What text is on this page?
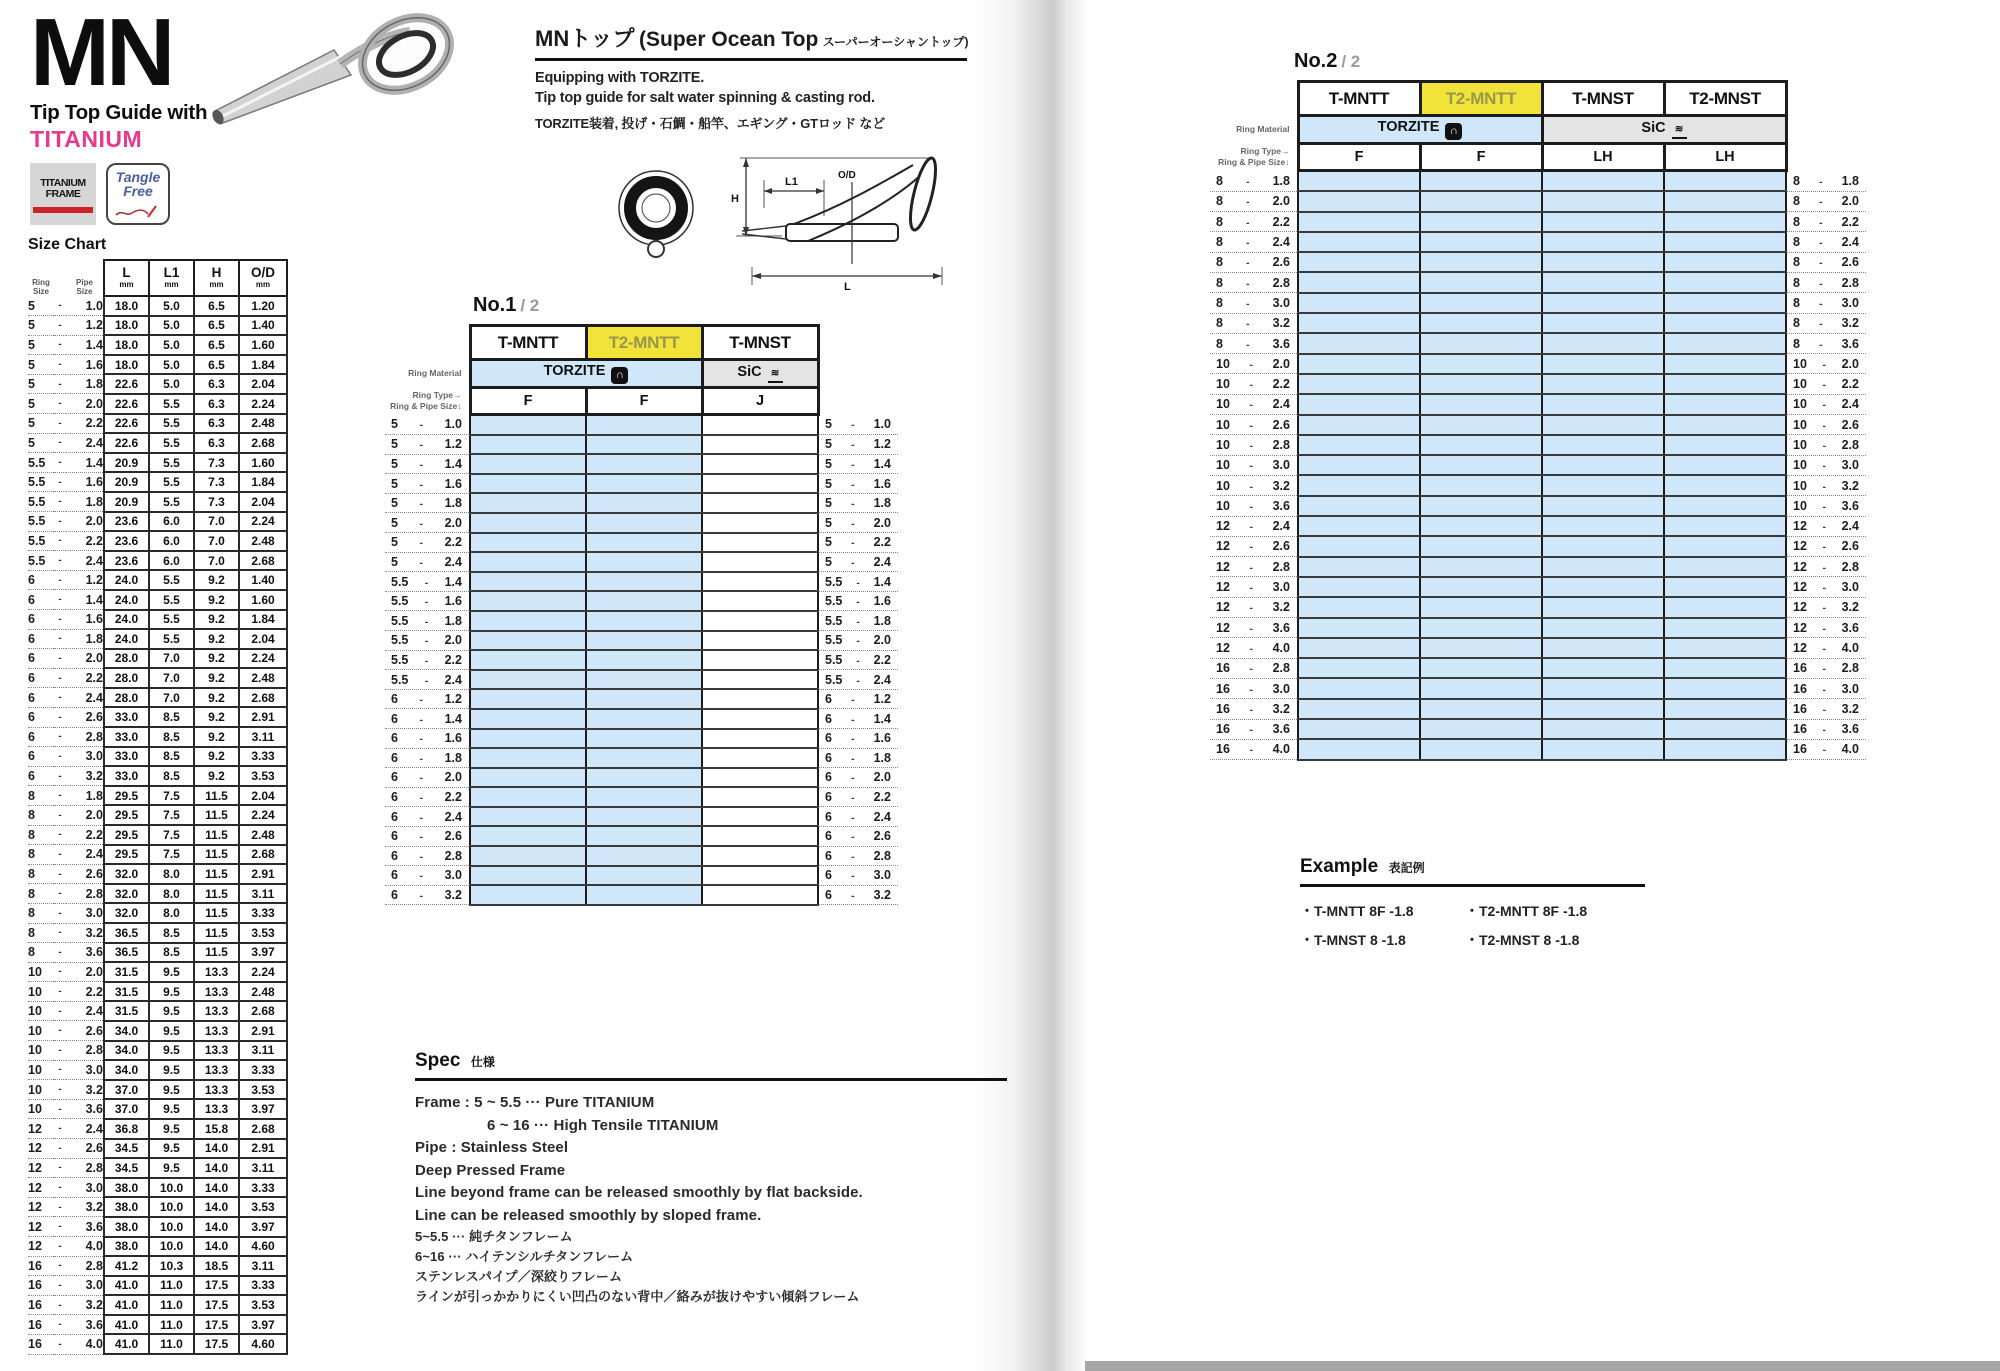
MN
Tip Top Guide with
TITANIUM
TITANIUM
FRAME
Tangle
Free
MNトップ (Super Ocean Top スーパーオーシャントップ)
Equipping with TORZITE.
Tip top guide for salt water spinning & casting rod.
TORZITE装着, 投げ・石鯛・船竿、エギング・GTロッド など
H
L1
O/D
L
Size Chart
Ring
Size

Pipe
Size

L
mm

L1
mm

H
mm

O/D
mm

5	-	1.0	18.0	5.0	6.5	1.20
5	-	1.2	18.0	5.0	6.5	1.40
5	-	1.4	18.0	5.0	6.5	1.60
5	-	1.6	18.0	5.0	6.5	1.84
5	-	1.8	22.6	5.0	6.3	2.04
5	-	2.0	22.6	5.5	6.3	2.24
5	-	2.2	22.6	5.5	6.3	2.48
5	-	2.4	22.6	5.5	6.3	2.68
5.5	-	1.4	20.9	5.5	7.3	1.60
5.5	-	1.6	20.9	5.5	7.3	1.84
5.5	-	1.8	20.9	5.5	7.3	2.04
5.5	-	2.0	23.6	6.0	7.0	2.24
5.5	-	2.2	23.6	6.0	7.0	2.48
5.5	-	2.4	23.6	6.0	7.0	2.68
6	-	1.2	24.0	5.5	9.2	1.40
6	-	1.4	24.0	5.5	9.2	1.60
6	-	1.6	24.0	5.5	9.2	1.84
6	-	1.8	24.0	5.5	9.2	2.04
6	-	2.0	28.0	7.0	9.2	2.24
6	-	2.2	28.0	7.0	9.2	2.48
6	-	2.4	28.0	7.0	9.2	2.68
6	-	2.6	33.0	8.5	9.2	2.91
6	-	2.8	33.0	8.5	9.2	3.11
6	-	3.0	33.0	8.5	9.2	3.33
6	-	3.2	33.0	8.5	9.2	3.53
8	-	1.8	29.5	7.5	11.5	2.04
8	-	2.0	29.5	7.5	11.5	2.24
8	-	2.2	29.5	7.5	11.5	2.48
8	-	2.4	29.5	7.5	11.5	2.68
8	-	2.6	32.0	8.0	11.5	2.91
8	-	2.8	32.0	8.0	11.5	3.11
8	-	3.0	32.0	8.0	11.5	3.33
8	-	3.2	36.5	8.5	11.5	3.53
8	-	3.6	36.5	8.5	11.5	3.97
10	-	2.0	31.5	9.5	13.3	2.24
10	-	2.2	31.5	9.5	13.3	2.48
10	-	2.4	31.5	9.5	13.3	2.68
10	-	2.6	34.0	9.5	13.3	2.91
10	-	2.8	34.0	9.5	13.3	3.11
10	-	3.0	34.0	9.5	13.3	3.33
10	-	3.2	37.0	9.5	13.3	3.53
10	-	3.6	37.0	9.5	13.3	3.97
12	-	2.4	36.8	9.5	15.8	2.68
12	-	2.6	34.5	9.5	14.0	2.91
12	-	2.8	34.5	9.5	14.0	3.11
12	-	3.0	38.0	10.0	14.0	3.33
12	-	3.2	38.0	10.0	14.0	3.53
12	-	3.6	38.0	10.0	14.0	3.97
12	-	4.0	38.0	10.0	14.0	4.60
16	-	2.8	41.2	10.3	18.5	3.11
16	-	3.0	41.0	11.0	17.5	3.33
16	-	3.2	41.0	11.0	17.5	3.53
16	-	3.6	41.0	11.0	17.5	3.97
16	-	4.0	41.0	11.0	17.5	4.60
No.1 / 2
	T-MNTT	T2-MNTT	T-MNST	
Ring Material	TORZITE ∩		SiC ≋	

Ring Type→
Ring & Pipe Size↓	F	F	J	

5 - 1.0				5 - 1.0

5 - 1.2				5 - 1.2

5 - 1.4				5 - 1.4

5 - 1.6				5 - 1.6

5 - 1.8				5 - 1.8

5 - 2.0				5 - 2.0

5 - 2.2				5 - 2.2

5 - 2.4				5 - 2.4

5.5 - 1.4				5.5 - 1.4

5.5 - 1.6				5.5 - 1.6

5.5 - 1.8				5.5 - 1.8

5.5 - 2.0				5.5 - 2.0

5.5 - 2.2				5.5 - 2.2

5.5 - 2.4				5.5 - 2.4

6 - 1.2				6 - 1.2

6 - 1.4				6 - 1.4

6 - 1.6				6 - 1.6

6 - 1.8				6 - 1.8

6 - 2.0				6 - 2.0

6 - 2.2				6 - 2.2

6 - 2.4				6 - 2.4

6 - 2.6				6 - 2.6

6 - 2.8				6 - 2.8

6 - 3.0				6 - 3.0

6 - 3.2				6 - 3.2
Spec 仕様
Frame : 5 ~ 5.5 ··· Pure TITANIUM
6 ~ 16 ··· High Tensile TITANIUM
Pipe : Stainless Steel
Deep Pressed Frame
Line beyond frame can be released smoothly by flat backside.
Line can be released smoothly by sloped frame.
5~5.5 ··· 純チタンフレーム
6~16 ··· ハイテンシルチタンフレーム
ステンレスパイプ／深絞りフレーム
ラインが引っかかりにくい凹凸のない背中／絡みが抜けやすい傾斜フレーム
No.2 / 2
	T-MNTT	T2-MNTT	T-MNST	T2-MNST	
Ring Material	TORZITE ∩		SiC ≋		

Ring Type→
Ring & Pipe Size↓	F	F	LH	LH	

8 - 1.8					8 - 1.8

8 - 2.0					8 - 2.0

8 - 2.2					8 - 2.2

8 - 2.4					8 - 2.4

8 - 2.6					8 - 2.6

8 - 2.8					8 - 2.8

8 - 3.0					8 - 3.0

8 - 3.2					8 - 3.2

8 - 3.6					8 - 3.6

10 - 2.0					10 - 2.0

10 - 2.2					10 - 2.2

10 - 2.4					10 - 2.4

10 - 2.6					10 - 2.6

10 - 2.8					10 - 2.8

10 - 3.0					10 - 3.0

10 - 3.2					10 - 3.2

10 - 3.6					10 - 3.6

12 - 2.4					12 - 2.4

12 - 2.6					12 - 2.6

12 - 2.8					12 - 2.8

12 - 3.0					12 - 3.0

12 - 3.2					12 - 3.2

12 - 3.6					12 - 3.6

12 - 4.0					12 - 4.0

16 - 2.8					16 - 2.8

16 - 3.0					16 - 3.0

16 - 3.2					16 - 3.2

16 - 3.6					16 - 3.6

16 - 4.0					16 - 4.0
Example 表記例
・T-MNTT 8F -1.8	・T2-MNTT 8F -1.8
・T-MNST 8 -1.8	・T2-MNST 8 -1.8
